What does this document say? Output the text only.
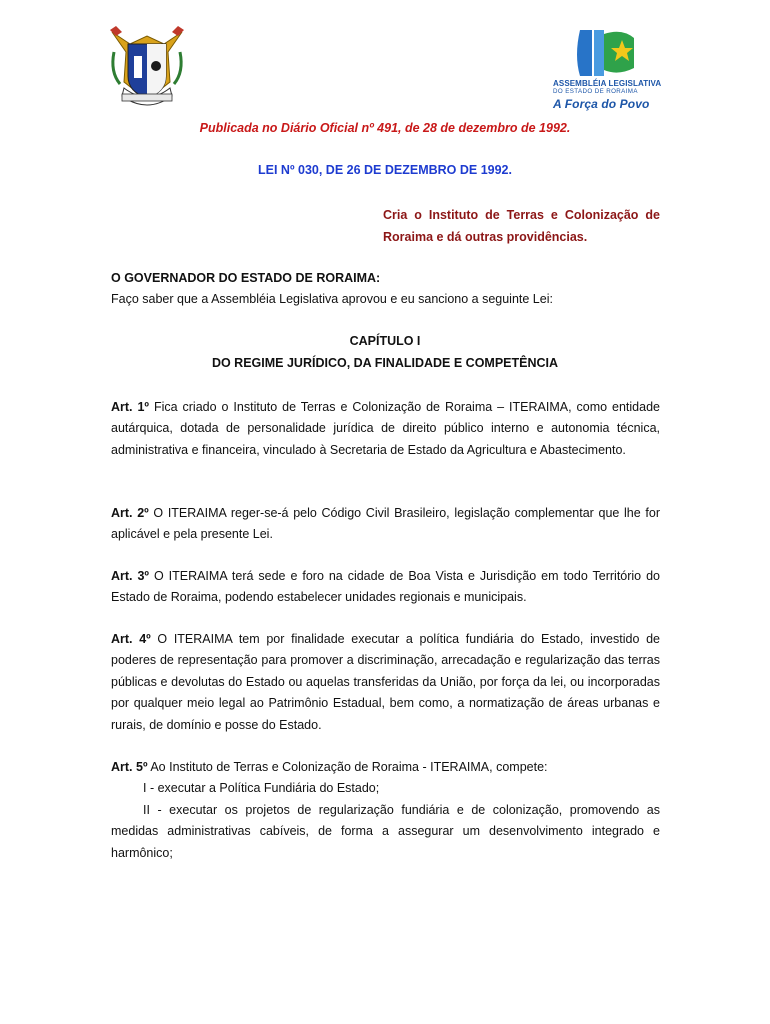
ASSEMBLÉIA LEGISLATIVA
DO ESTADO DE RORAIMA
A Força do Povo
Publicada no Diário Oficial nº 491, de 28 de dezembro de 1992.
LEI Nº 030, DE 26 DE DEZEMBRO DE 1992.
Cria o Instituto de Terras e Colonização de Roraima e dá outras providências.
O GOVERNADOR DO ESTADO DE RORAIMA:
Faço saber que a Assembléia Legislativa aprovou e eu sanciono a seguinte Lei:
CAPÍTULO I
DO REGIME JURÍDICO, DA FINALIDADE E COMPETÊNCIA
Art. 1º Fica criado o Instituto de Terras e Colonização de Roraima – ITERAIMA, como entidade autárquica, dotada de personalidade jurídica de direito público interno e autonomia técnica, administrativa e financeira, vinculado à Secretaria de Estado da Agricultura e Abastecimento.
Art. 2º O ITERAIMA reger-se-á pelo Código Civil Brasileiro, legislação complementar que lhe for aplicável e pela presente Lei.
Art. 3º O ITERAIMA terá sede e foro na cidade de Boa Vista e Jurisdição em todo Território do Estado de Roraima, podendo estabelecer unidades regionais e municipais.
Art. 4º O ITERAIMA tem por finalidade executar a política fundiária do Estado, investido de poderes de representação para promover a discriminação, arrecadação e regularização das terras públicas e devolutas do Estado ou aquelas transferidas da União, por força da lei, ou incorporadas por qualquer meio legal ao Patrimônio Estadual, bem como, a normatização de áreas urbanas e rurais, de domínio e posse do Estado.
Art. 5º Ao Instituto de Terras e Colonização de Roraima - ITERAIMA, compete:
I - executar a Política Fundiária do Estado;
II - executar os projetos de regularização fundiária e de colonização, promovendo as medidas administrativas cabíveis, de forma a assegurar um desenvolvimento integrado e harmônico;
